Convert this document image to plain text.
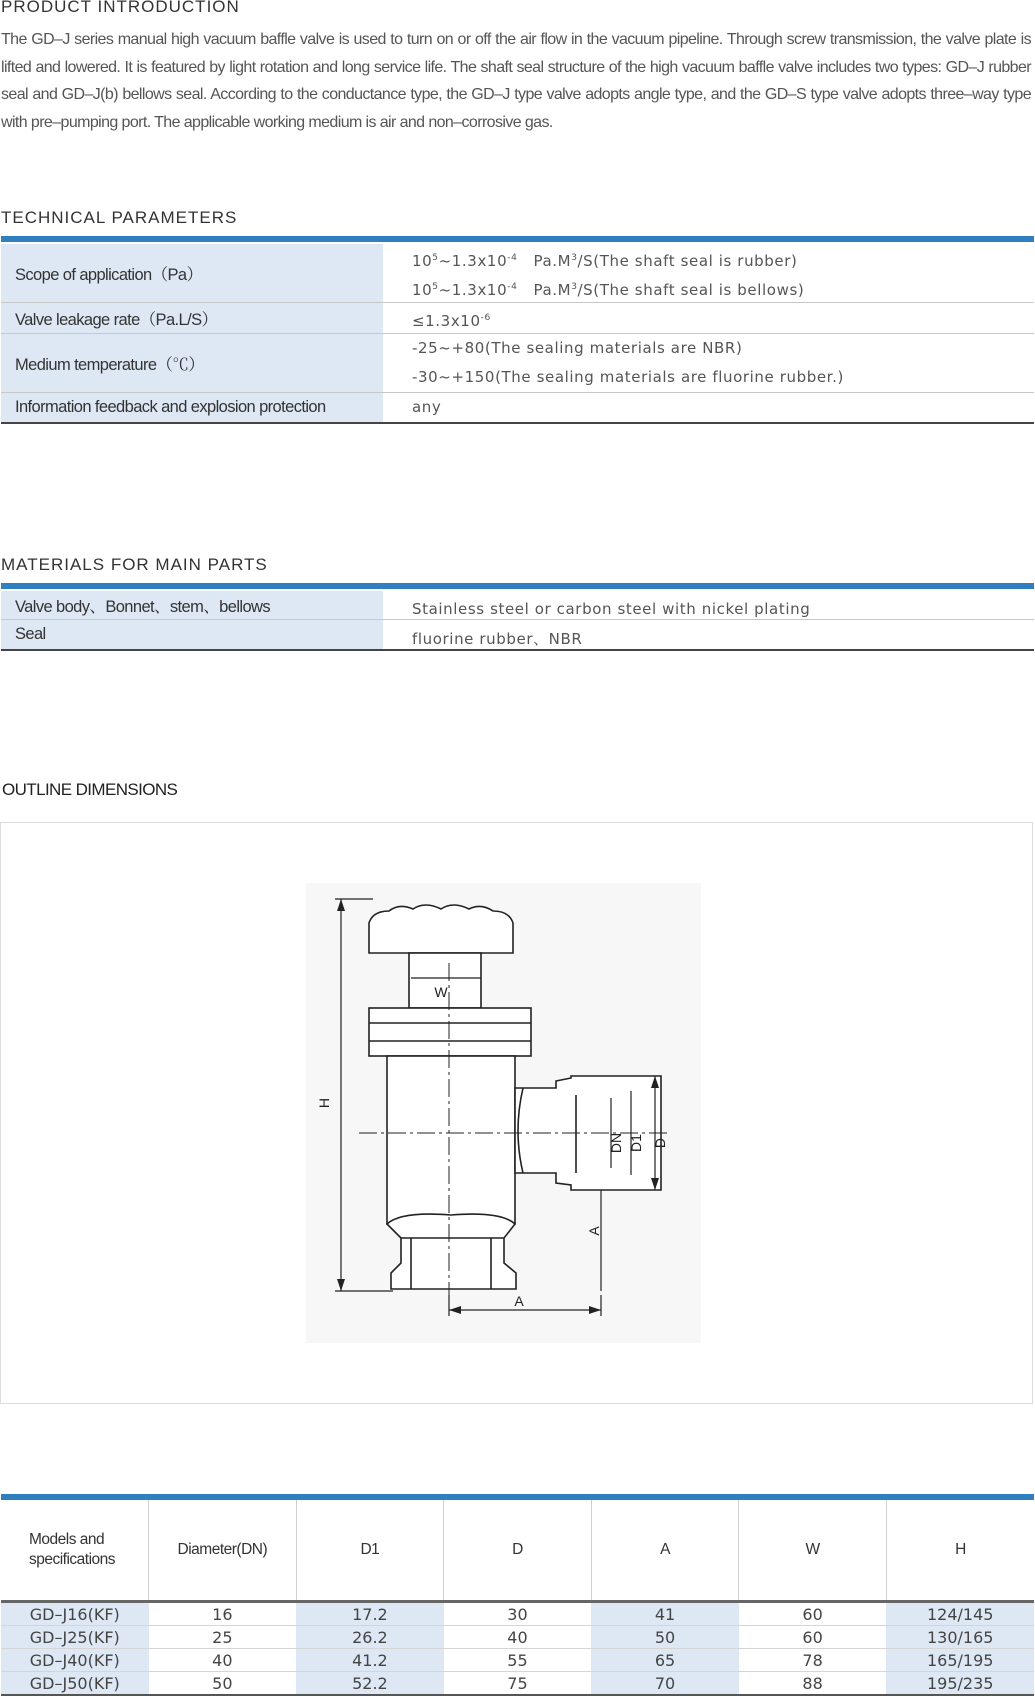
PRODUCT INTRODUCTION

The GD–J series manual high vacuum baffle valve is used to turn on or off the air flow in the vacuum pipeline. Through screw transmission, the valve plate is lifted and lowered. It is featured by light rotation and long service life. The shaft seal structure of the high vacuum baffle valve includes two types: GD–J rubber seal and GD–J(b) bellows seal. According to the conductance type, the GD–J type valve adopts angle type, and the GD–S type valve adopts three–way type with pre–pumping port. The applicable working medium is air and non–corrosive gas.

TECHNICAL PARAMETERS
Scope of application（Pa）	$10^5\sim 1.3x10^{-4}$   $Pa.M^3/S(The$ shaft seal is rubber)
$10^5\sim 1.3x10^{-4}$   $Pa.M^3/S(The$ shaft seal is bellows)

Valve leakage rate（Pa.L/S）	$\le 1.3x10^{-6}$

Medium temperature（℃）	-25~+80(The sealing materials are NBR)
-30~+150(The sealing materials are fluorine rubber.)

Information feedback and explosion protection	any
MATERIALS FOR MAIN PARTS
Valve body、Bonnet、stem、bellows	Stainless steel or carbon steel with nickel plating
Seal	fluorine rubber、NBR
OUTLINE DIMENSIONS
W
H
DN D1 D
A
A
Models and specifications	Diameter(DN)	D1	D	A	W	H
GD–J16(KF)	16	17.2	30	41	60	124/145
GD–J25(KF)	25	26.2	40	50	60	130/165
GD–J40(KF)	40	41.2	55	65	78	165/195
GD–J50(KF)	50	52.2	75	70	88	195/235
